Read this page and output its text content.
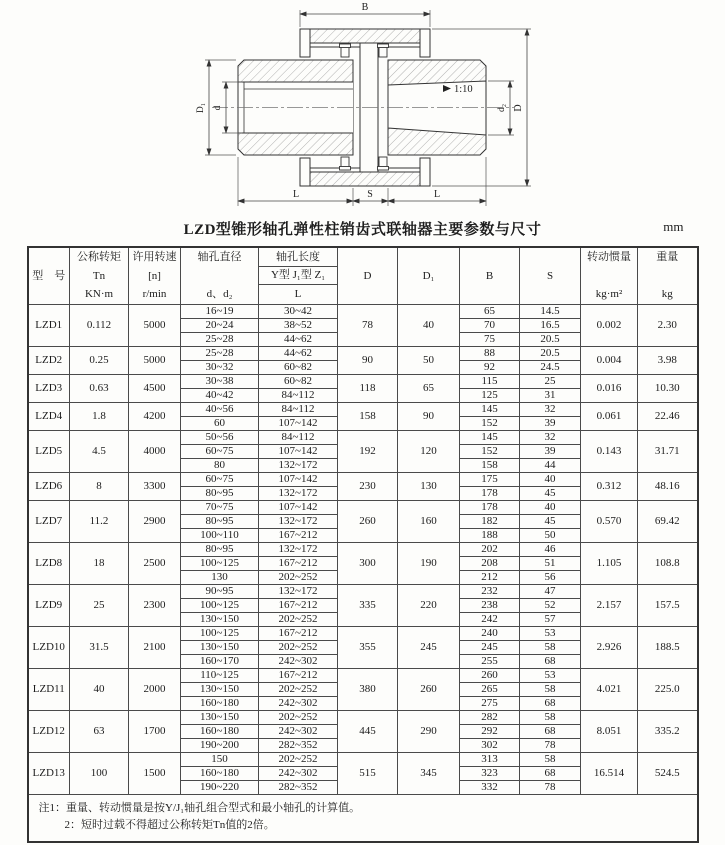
B
D
d₂
D₁ d
L	S	L
1:10
LZD型锥形轴孔弹性柱销齿式联轴器主要参数与尺寸	mm
型　号

公称转矩
Tn
KN·m

许用转速
[n]
r/min

轴孔直径
d、d₂

轴孔长度
Y型 J₁型 Z₁
L

D	D₁	B	S

转动惯量
kg·m²

重量
kg

LZD1	0.112	5000	16~19	30~42	78	40	65	14.5	0.002	2.30
			20~24	38~52			70	16.5		
			25~28	44~62			75	20.5		
LZD2	0.25	5000	25~28	44~62	90	50	88	20.5	0.004	3.98
			30~32	60~82			92	24.5		
LZD3	0.63	4500	30~38	60~82	118	65	115	25	0.016	10.30
			40~42	84~112			125	31		
LZD4	1.8	4200	40~56	84~112	158	90	145	32	0.061	22.46
			60	107~142			152	39		
LZD5	4.5	4000	50~56	84~112	192	120	145	32	0.143	31.71
			60~75	107~142			152	39		
			80	132~172			158	44		
LZD6	8	3300	60~75	107~142	230	130	175	40	0.312	48.16
			80~95	132~172			178	45		
LZD7	11.2	2900	70~75	107~142	260	160	178	40	0.570	69.42
			80~95	132~172			182	45		
			100~110	167~212			188	50		
LZD8	18	2500	80~95	132~172	300	190	202	46	1.105	108.8
			100~125	167~212			208	51		
			130	202~252			212	56		
LZD9	25	2300	90~95	132~172	335	220	232	47	2.157	157.5
			100~125	167~212			238	52		
			130~150	202~252			242	57		
LZD10	31.5	2100	100~125	167~212	355	245	240	53	2.926	188.5
			130~150	202~252			245	58		
			160~170	242~302			255	68		
LZD11	40	2000	110~125	167~212	380	260	260	53	4.021	225.0
			130~150	202~252			265	58		
			160~180	242~302			275	68		
LZD12	63	1700	130~150	202~252	445	290	282	58	8.051	335.2
			160~180	242~302			292	68		
			190~200	282~352			302	78		
LZD13	100	1500	150	202~252	515	345	313	58	16.514	524.5
			160~180	242~302			323	68		
			190~220	282~352			332	78		

注1：重量、转动惯量是按Y/J₁轴孔组合型式和最小轴孔的计算值。
2：短时过载不得超过公称转矩Tn值的2倍。										
